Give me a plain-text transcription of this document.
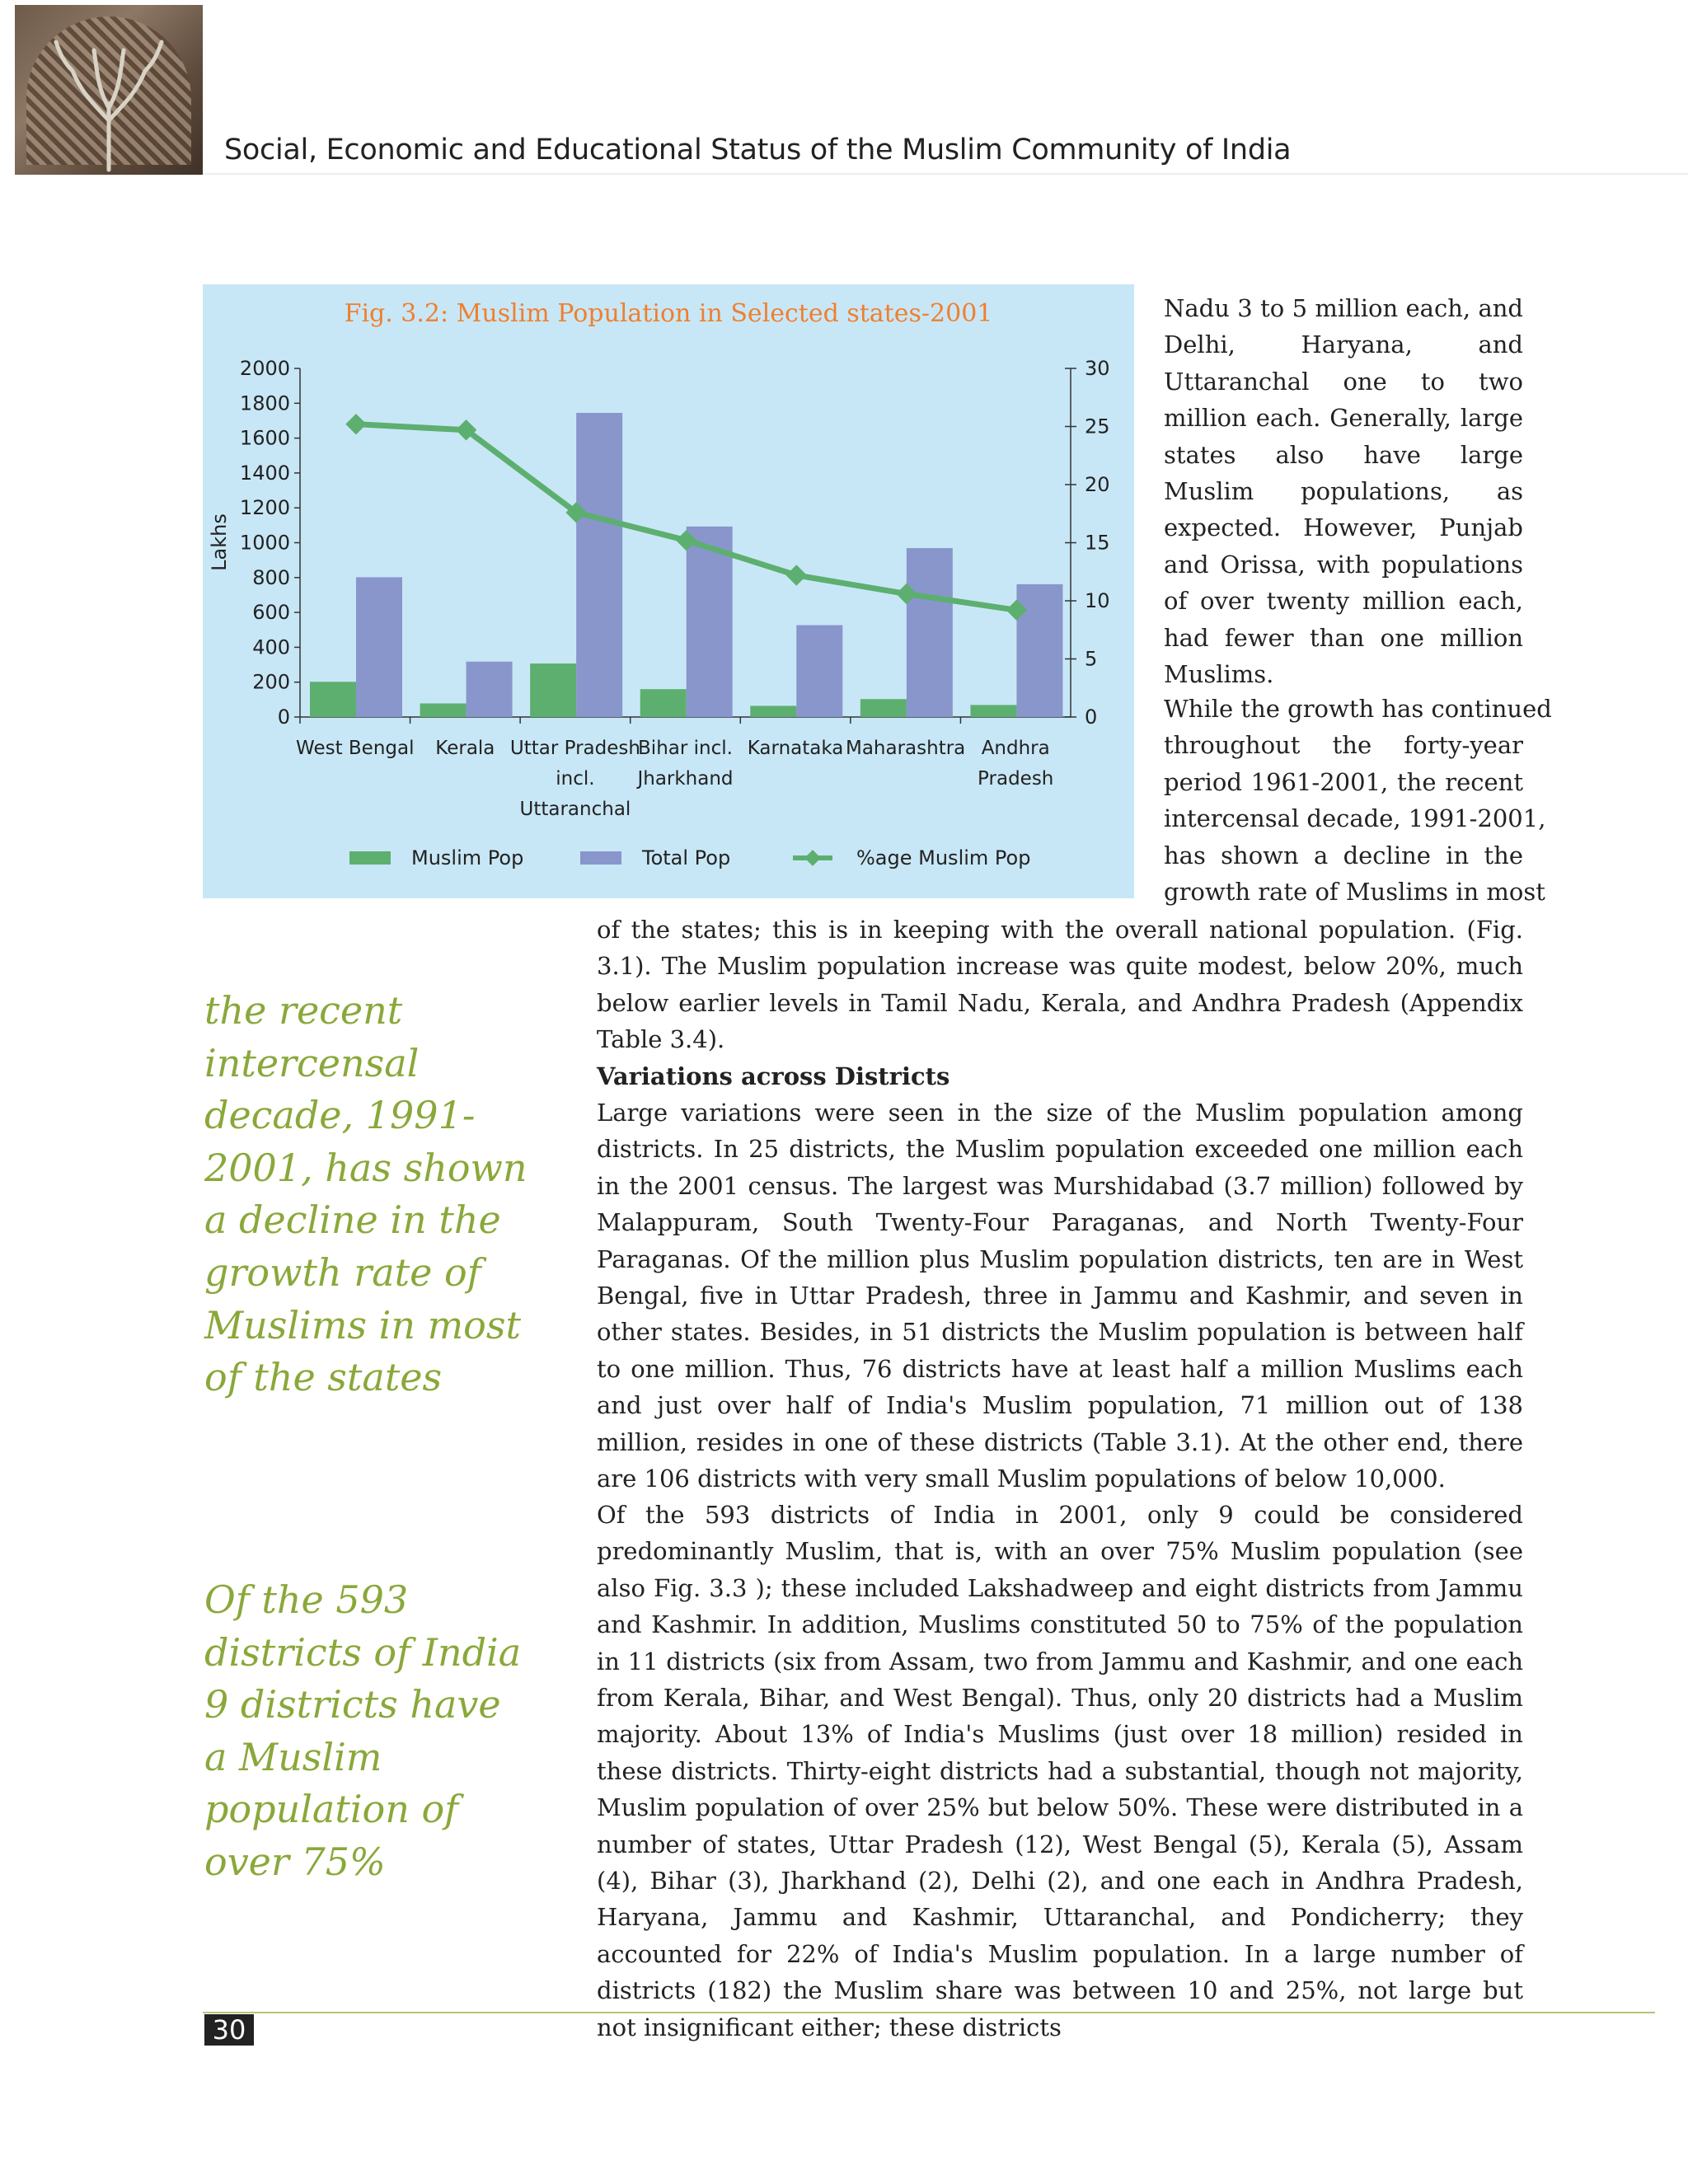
Social, Economic and Educational Status of the Muslim Community of India
Fig. 3.2: Muslim Population in Selected states-2001
0
200
400
600
800
1000
1200
1400
1600
1800
2000
0
5
10
15
20
25
30
Lakhs
West Bengal Kerala Uttar Pradesh
incl.
Uttaranchal
Bihar incl.
Jharkhand
Karnataka Maharashtra Andhra
Pradesh
Muslim Pop	Total Pop	%age Muslim Pop

Nadu 3 to 5 million each, and Delhi, Haryana, and Uttaranchal one to two million each. Generally, large states also have large Muslim populations, as expected. However, Punjab and Orissa, with populations of over twenty million each, had fewer than one million Muslims.

While the growth has continued
throughout the forty-year
period 1961-2001, the recent
intercensal decade, 1991-2001,
has shown a decline in the
growth rate of Muslims in most

of the states; this is in keeping with the overall national population. (Fig. 3.1). The Muslim population increase was quite modest, below 20%, much below earlier levels in Tamil Nadu, Kerala, and Andhra Pradesh (Appendix Table 3.4).

Variations across Districts

Large variations were seen in the size of the Muslim population among districts. In 25 districts, the Muslim population exceeded one million each in the 2001 census. The largest was Murshidabad (3.7 million) followed by Malappuram, South Twenty-Four Paraganas, and North Twenty-Four Paraganas. Of the million plus Muslim population districts, ten are in West Bengal, five in Uttar Pradesh, three in Jammu and Kashmir, and seven in other states. Besides, in 51 districts the Muslim population is between half to one million. Thus, 76 districts have at least half a million Muslims each and just over half of India's Muslim population, 71 million out of 138 million, resides in one of these districts (Table 3.1). At the other end, there are 106 districts with very small Muslim populations of below 10,000.

Of the 593 districts of India in 2001, only 9 could be considered predominantly Muslim, that is, with an over 75% Muslim population (see also Fig. 3.3 ); these included Lakshadweep and eight districts from Jammu and Kashmir. In addition, Muslims constituted 50 to 75% of the population in 11 districts (six from Assam, two from Jammu and Kashmir, and one each from Kerala, Bihar, and West Bengal). Thus, only 20 districts had a Muslim majority. About 13% of India's Muslims (just over 18 million) resided in these districts. Thirty-eight districts had a substantial, though not majority, Muslim population of over 25% but below 50%. These were distributed in a number of states, Uttar Pradesh (12), West Bengal (5), Kerala (5), Assam (4), Bihar (3), Jharkhand (2), Delhi (2), and one each in Andhra Pradesh, Haryana, Jammu and Kashmir, Uttaranchal, and Pondicherry; they accounted for 22% of India's Muslim population. In a large number of districts (182) the Muslim share was between 10 and 25%, not large but not insignificant either; these districts

the recent intercensal decade, 1991-2001, has shown a decline in the growth rate of Muslims in most of the states

Of the 593 districts of India 9 districts have a Muslim population of over 75%

30
